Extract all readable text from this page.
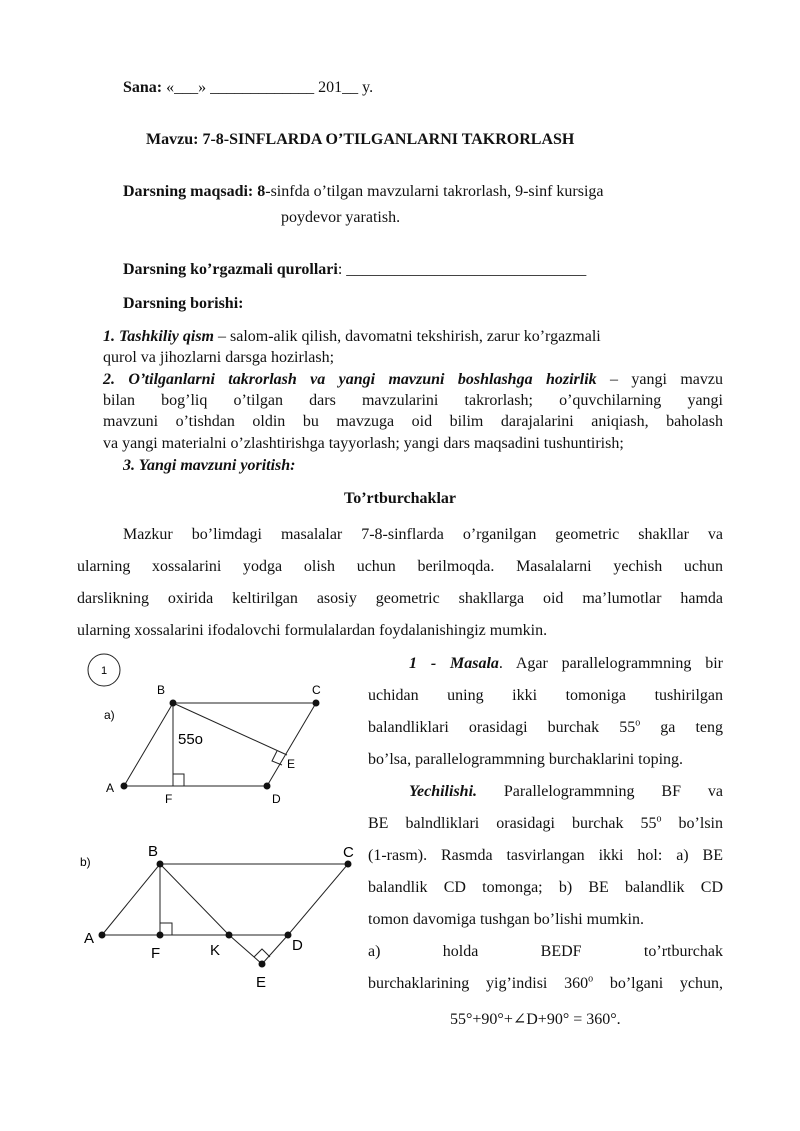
Sana: «___» _____________ 201__ y.
Mavzu: 7-8-SINFLARDA O’TILGANLARNI TAKRORLASH
Darsning maqsadi: 8-sinfda o’tilgan mavzularni takrorlash, 9-sinf kursiga
poydevor yaratish.
Darsning ko’rgazmali qurollari: ______________________________
Darsning borishi:
1. Tashkiliy qism – salom-alik qilish, davomatni tekshirish, zarur ko’rgazmali
qurol va jihozlarni darsga hozirlash;
2. O’tilganlarni takrorlash va yangi mavzuni boshlashga hozirlik – yangi mavzu
bilan bog’liq o’tilgan dars mavzularini takrorlash; o’quvchilarning yangi
mavzuni o’tishdan oldin bu mavzuga oid bilim darajalarini aniqiash, baholash
va yangi materialni o’zlashtirishga tayyorlash; yangi dars maqsadini tushuntirish;
3. Yangi mavzuni yoritish:
To’rtburchaklar
Mazkur bo’limdagi masalalar 7-8-sinflarda o’rganilgan geometric shakllar va
ularning xossalarini yodga olish uchun berilmoqda. Masalalarni yechish uchun
darslikning oxirida keltirilgan asosiy geometric shakllarga oid ma’lumotlar hamda
ularning xossalarini ifodalovchi formulalardan foydalanishingiz mumkin.
1 - Masala. Agar parallelogrammning bir
uchidan uning ikki tomoniga tushirilgan
balandliklari orasidagi burchak 55$^o$ ga teng
bo’lsa, parallelogrammning burchaklarini toping.
Yechilishi. Parallelogrammning BF va
BE balndliklari orasidagi burchak 55$^o$ bo’lsin
(1-rasm). Rasmda tasvirlangan ikki hol: a) BE
balandlik CD tomonga; b) BE balandlik CD
tomon davomiga tushgan bo’lishi mumkin.
a) holda BEDF to’rtburchak
burchaklarining yig’indisi 360$^o$ bo’lgani ychun,
55°+90°+∠D+90° = 360°.
1
a)
B	C
A
F	D
E
55o
b)
B	C
A
F	K	D
E
